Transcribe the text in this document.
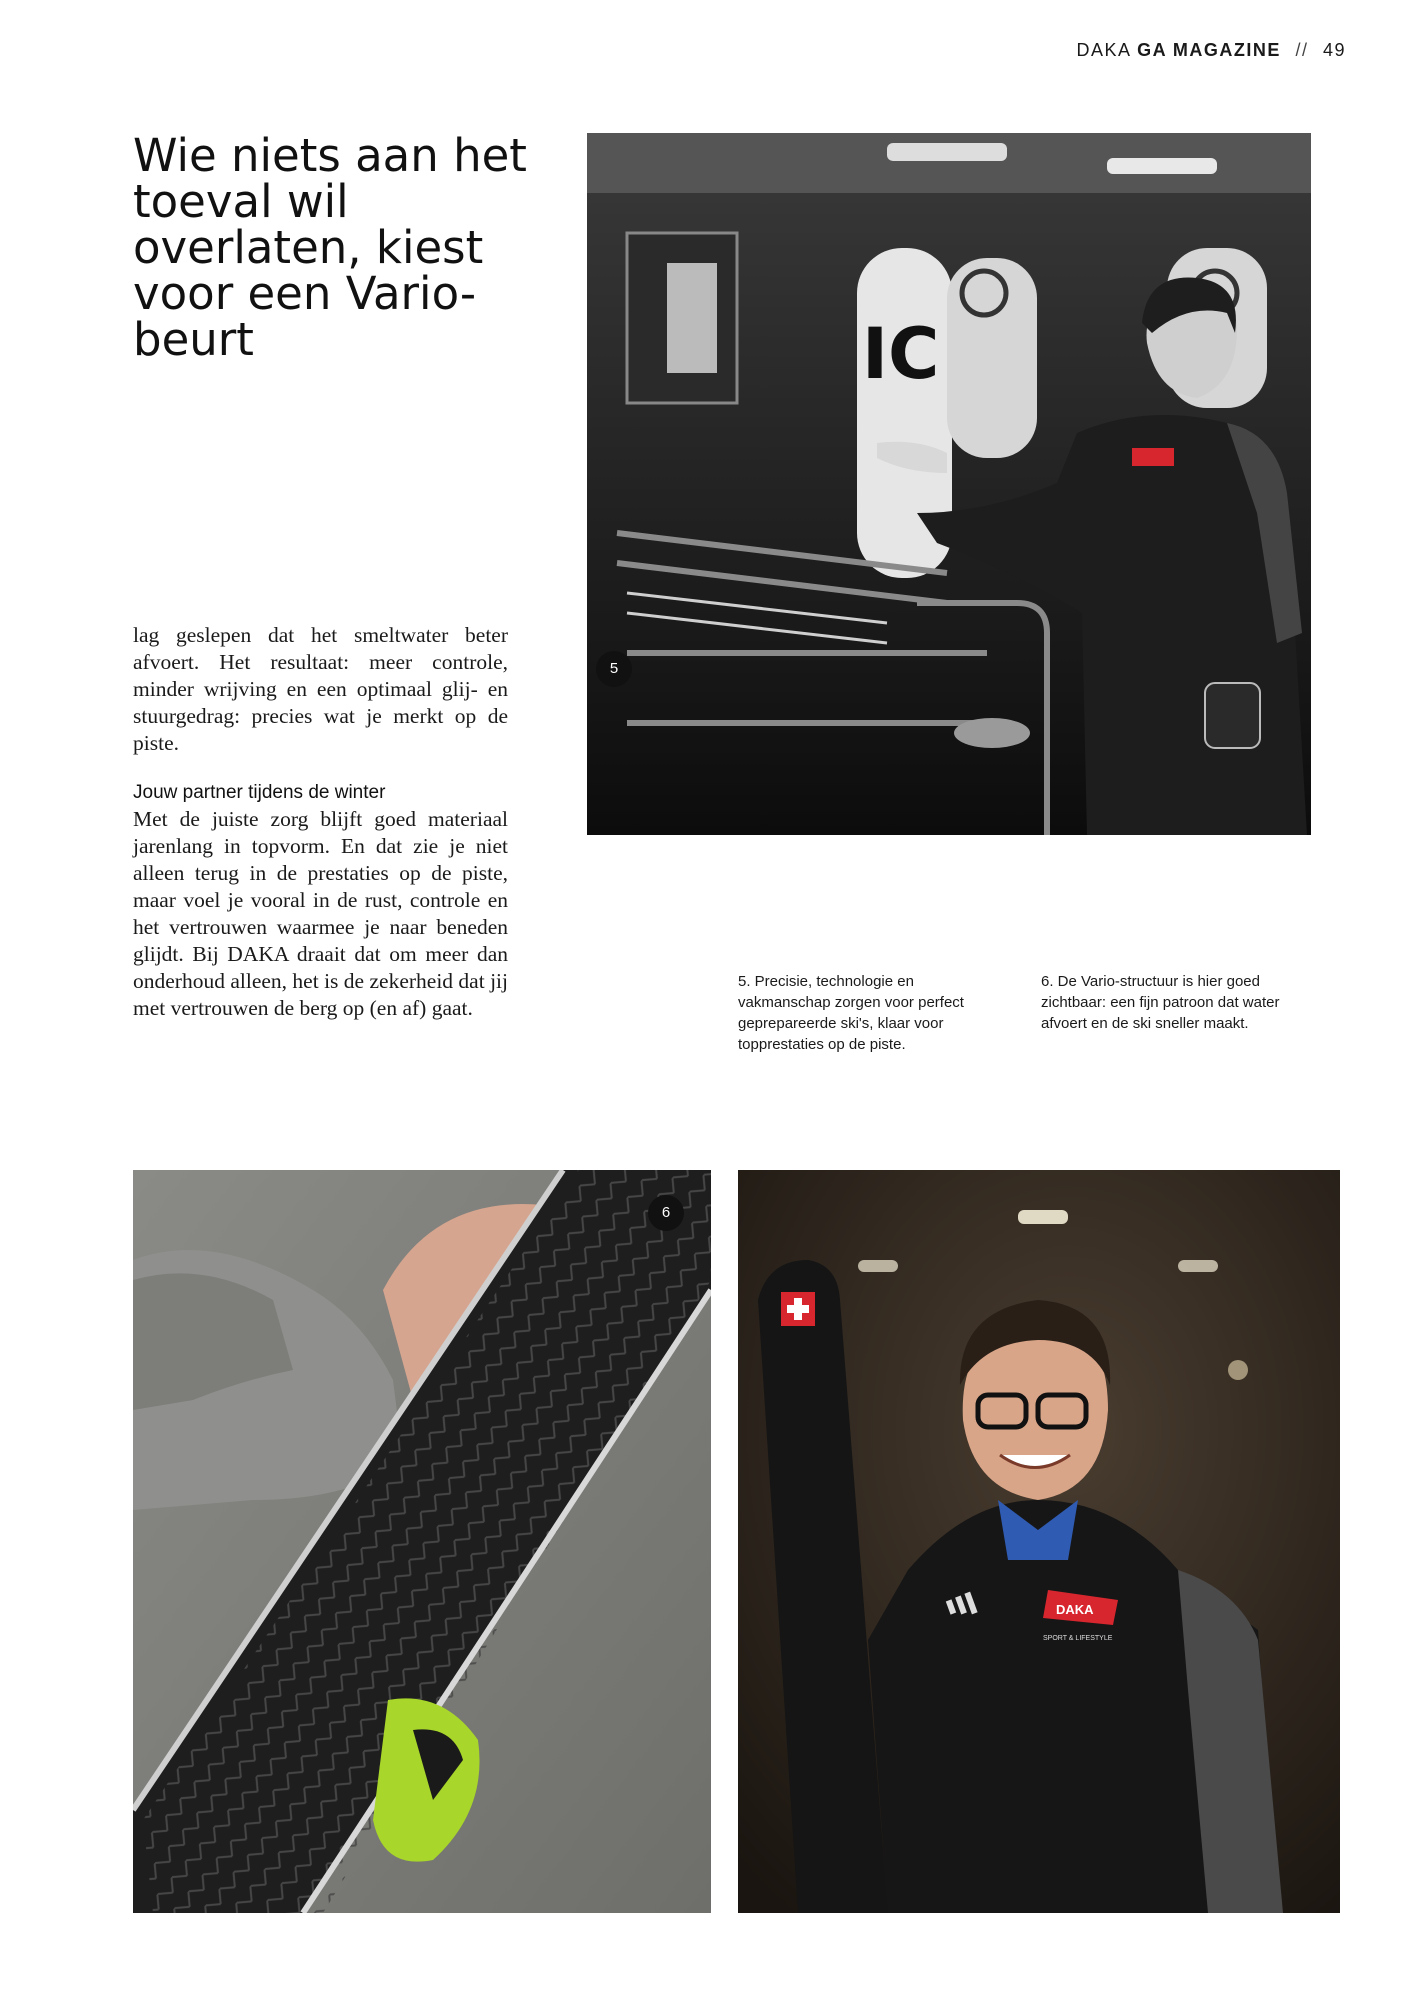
DAKA GA MAGAZINE // 49
Wie niets aan het toeval wil overlaten, kiest voor een Vario-beurt

lag geslepen dat het smeltwater beter afvoert. Het resultaat: meer controle, minder wrijving en een optimaal glij- en stuurgedrag: precies wat je merkt op de piste.

Jouw partner tijdens de winter

Met de juiste zorg blijft goed materiaal jarenlang in topvorm. En dat zie je niet alleen terug in de prestaties op de piste, maar voel je vooral in de rust, controle en het vertrouwen waarmee je naar beneden glijdt. Bij DAKA draait dat om meer dan onderhoud alleen, het is de zekerheid dat jij met vertrouwen de berg op (en af) gaat.

IC
5

5. Precisie, technologie en vakmanschap zorgen voor perfect geprepareerde ski's, klaar voor topprestaties op de piste.

6. De Vario-structuur is hier goed zichtbaar: een fijn patroon dat water afvoert en de ski sneller maakt.

6
DAKA
SPORT & LIFESTYLE
